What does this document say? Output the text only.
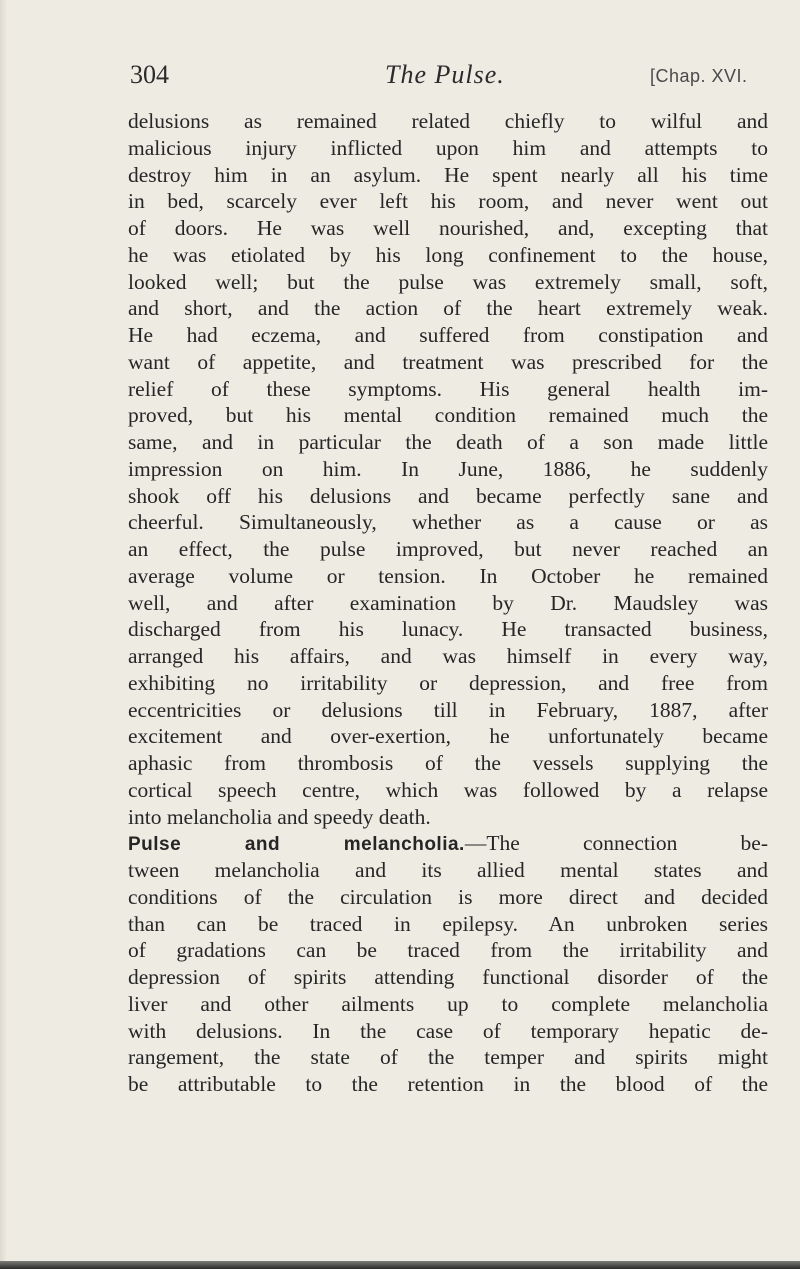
304	The Pulse.	[Chap. XVI.
delusions as remained related chiefly to wilful and
malicious injury inflicted upon him and attempts to
destroy him in an asylum. He spent nearly all his time
in bed, scarcely ever left his room, and never went out
of doors. He was well nourished, and, excepting that
he was etiolated by his long confinement to the house,
looked well; but the pulse was extremely small, soft,
and short, and the action of the heart extremely weak.
He had eczema, and suffered from constipation and
want of appetite, and treatment was prescribed for the
relief of these symptoms. His general health im-
proved, but his mental condition remained much the
same, and in particular the death of a son made little
impression on him. In June, 1886, he suddenly
shook off his delusions and became perfectly sane and
cheerful. Simultaneously, whether as a cause or as
an effect, the pulse improved, but never reached an
average volume or tension. In October he remained
well, and after examination by Dr. Maudsley was
discharged from his lunacy. He transacted business,
arranged his affairs, and was himself in every way,
exhibiting no irritability or depression, and free from
eccentricities or delusions till in February, 1887, after
excitement and over-exertion, he unfortunately became
aphasic from thrombosis of the vessels supplying the
cortical speech centre, which was followed by a relapse
into melancholia and speedy death.
Pulse and melancholia.—The connection be-
tween melancholia and its allied mental states and
conditions of the circulation is more direct and decided
than can be traced in epilepsy. An unbroken series
of gradations can be traced from the irritability and
depression of spirits attending functional disorder of the
liver and other ailments up to complete melancholia
with delusions. In the case of temporary hepatic de-
rangement, the state of the temper and spirits might
be attributable to the retention in the blood of the
